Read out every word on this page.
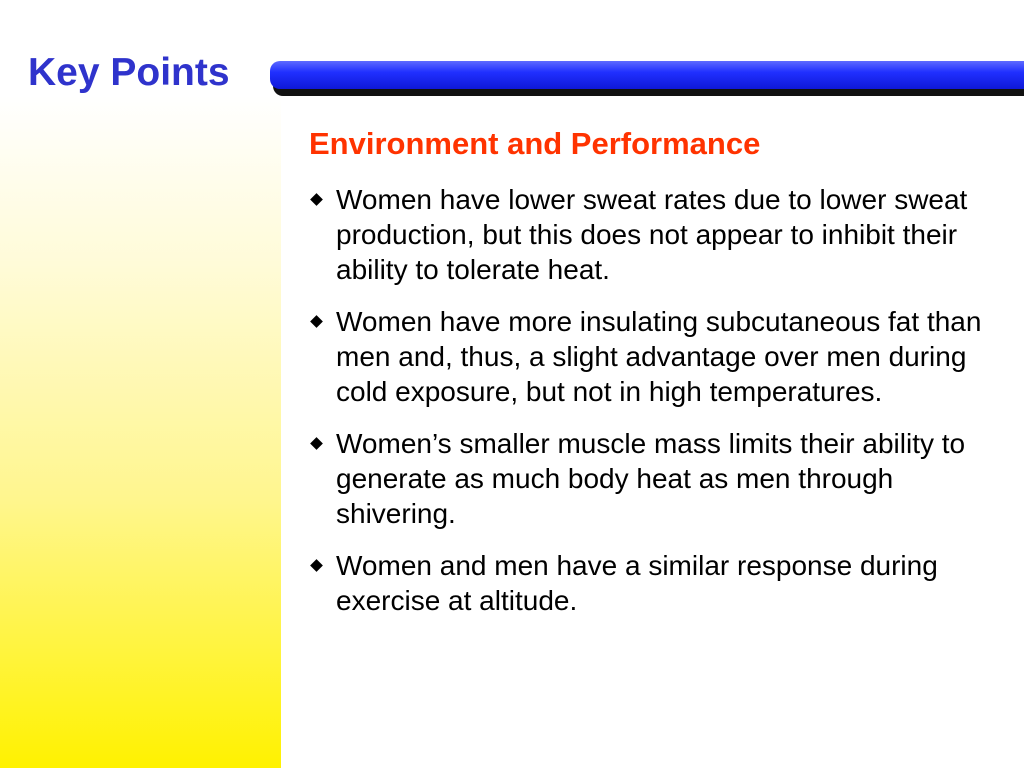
Key Points
Environment and Performance
Women have lower sweat rates due to lower sweat production, but this does not appear to inhibit their ability to tolerate heat.
Women have more insulating subcutaneous fat than men and, thus, a slight advantage over men during cold exposure, but not in high temperatures.
Women’s smaller muscle mass limits their ability to generate as much body heat as men through shivering.
Women and men have a similar response during exercise at altitude.
